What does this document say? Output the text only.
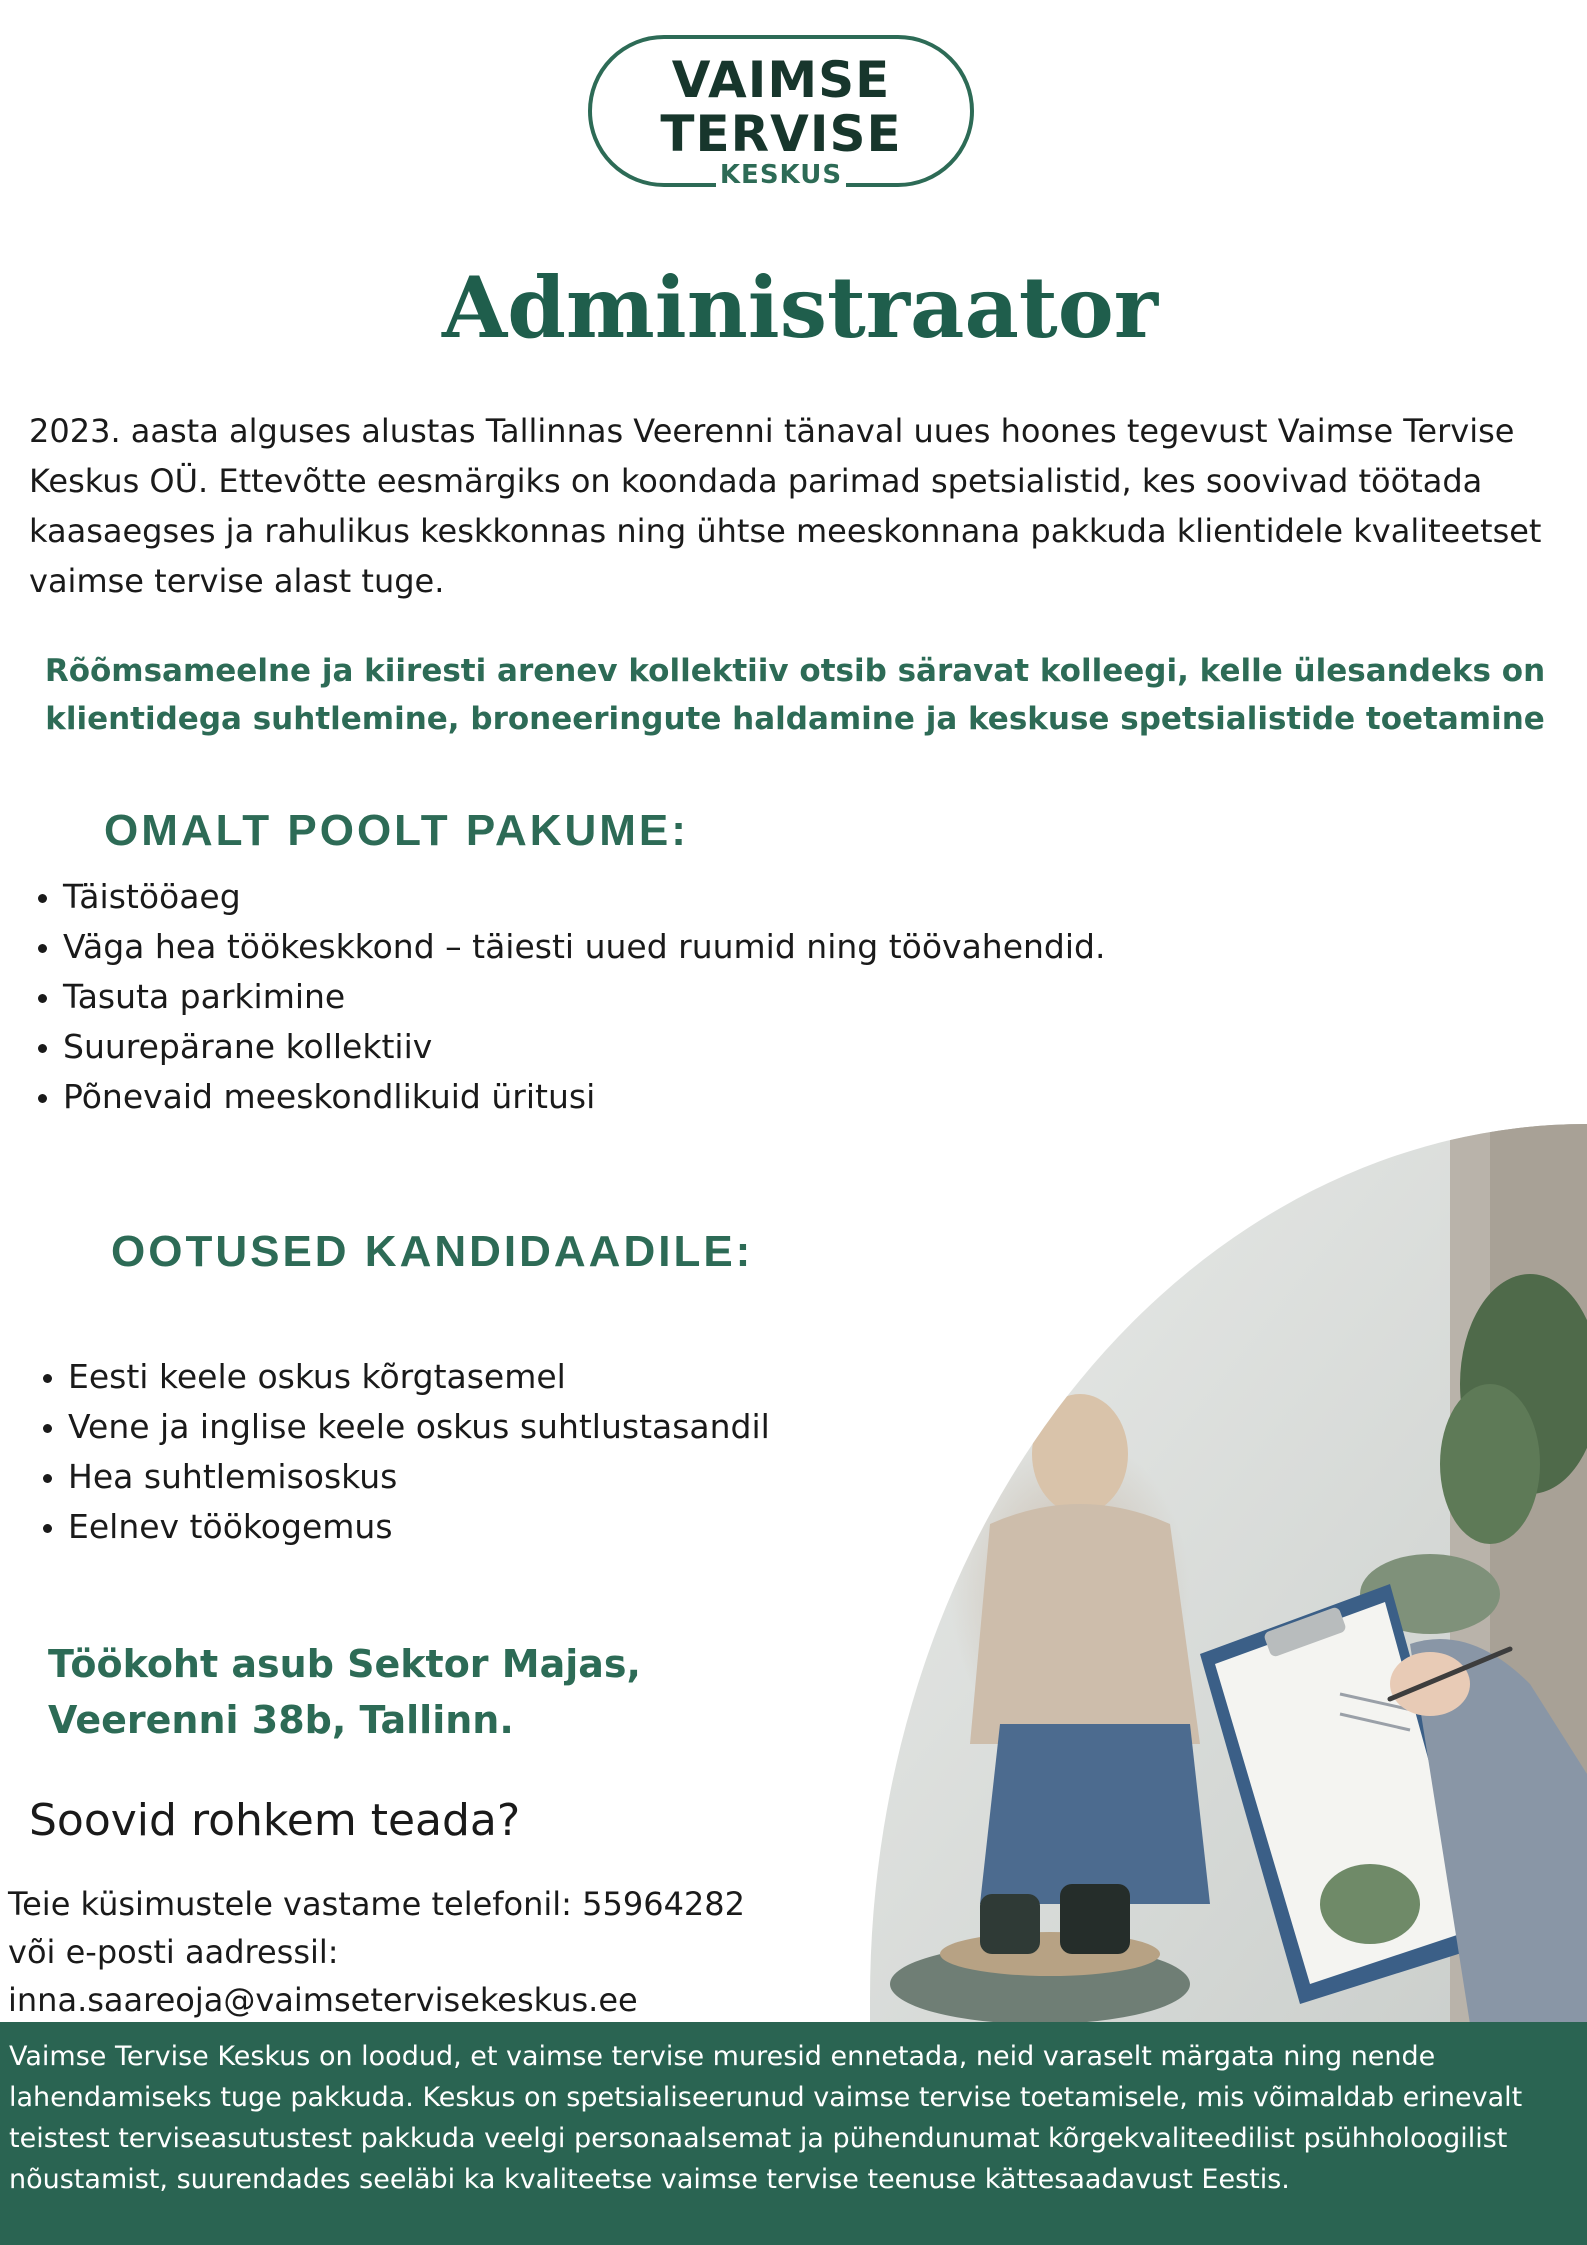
VAIMSE
TERVISE
KESKUS
Administraator

2023. aasta alguses alustas Tallinnas Veerenni tänaval uues hoones tegevust Vaimse Tervise Keskus OÜ. Ettevõtte eesmärgiks on koondada parimad spetsialistid, kes soovivad töötada kaasaegses ja rahulikus keskkonnas ning ühtse meeskonnana pakkuda klientidele kvaliteetset vaimse tervise alast tuge.

Rõõmsameelne ja kiiresti arenev kollektiiv otsib säravat kolleegi, kelle ülesandeks on
klientidega suhtlemine, broneeringute haldamine ja keskuse spetsialistide toetamine
OMALT POOLT PAKUME:
Täistööaeg
Väga hea töökeskkond – täiesti uued ruumid ning töövahendid.
Tasuta parkimine
Suurepärane kollektiiv
Põnevaid meeskondlikuid üritusi
OOTUSED KANDIDAADILE:
Eesti keele oskus kõrgtasemel
Vene ja inglise keele oskus suhtlustasandil
Hea suhtlemisoskus
Eelnev töökogemus
Töökoht asub Sektor Majas,
Veerenni 38b, Tallinn.
Soovid rohkem teada?
Teie küsimustele vastame telefonil: 55964282
või e-posti aadressil:
inna.saareoja@vaimsetervisekeskus.ee

Vaimse Tervise Keskus on loodud, et vaimse tervise muresid ennetada, neid varaselt märgata ning nende lahendamiseks tuge pakkuda. Keskus on spetsialiseerunud vaimse tervise toetamisele, mis võimaldab erinevalt teistest terviseasutustest pakkuda veelgi personaalsemat ja pühendunumat kõrgekvaliteedilist psühholoogilist nõustamist, suurendades seeläbi ka kvaliteetse vaimse tervise teenuse kättesaadavust Eestis.
